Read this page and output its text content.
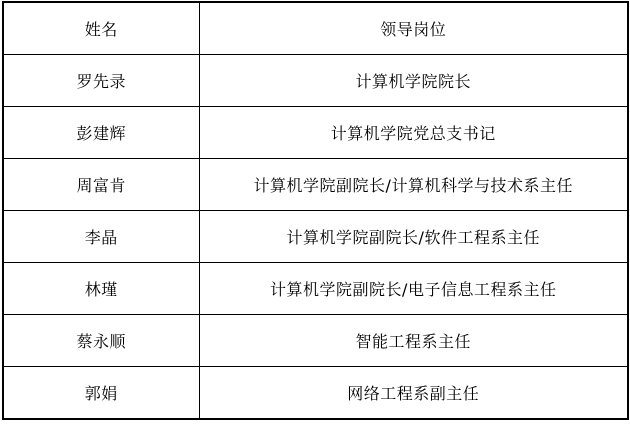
姓名	领导岗位
罗先录	计算机学院院长
彭建辉	计算机学院党总支书记
周富肯	计算机学院副院长/计算机科学与技术系主任
李晶	计算机学院副院长/软件工程系主任
林瑾	计算机学院副院长/电子信息工程系主任
蔡永顺	智能工程系主任
郭娟	网络工程系副主任
